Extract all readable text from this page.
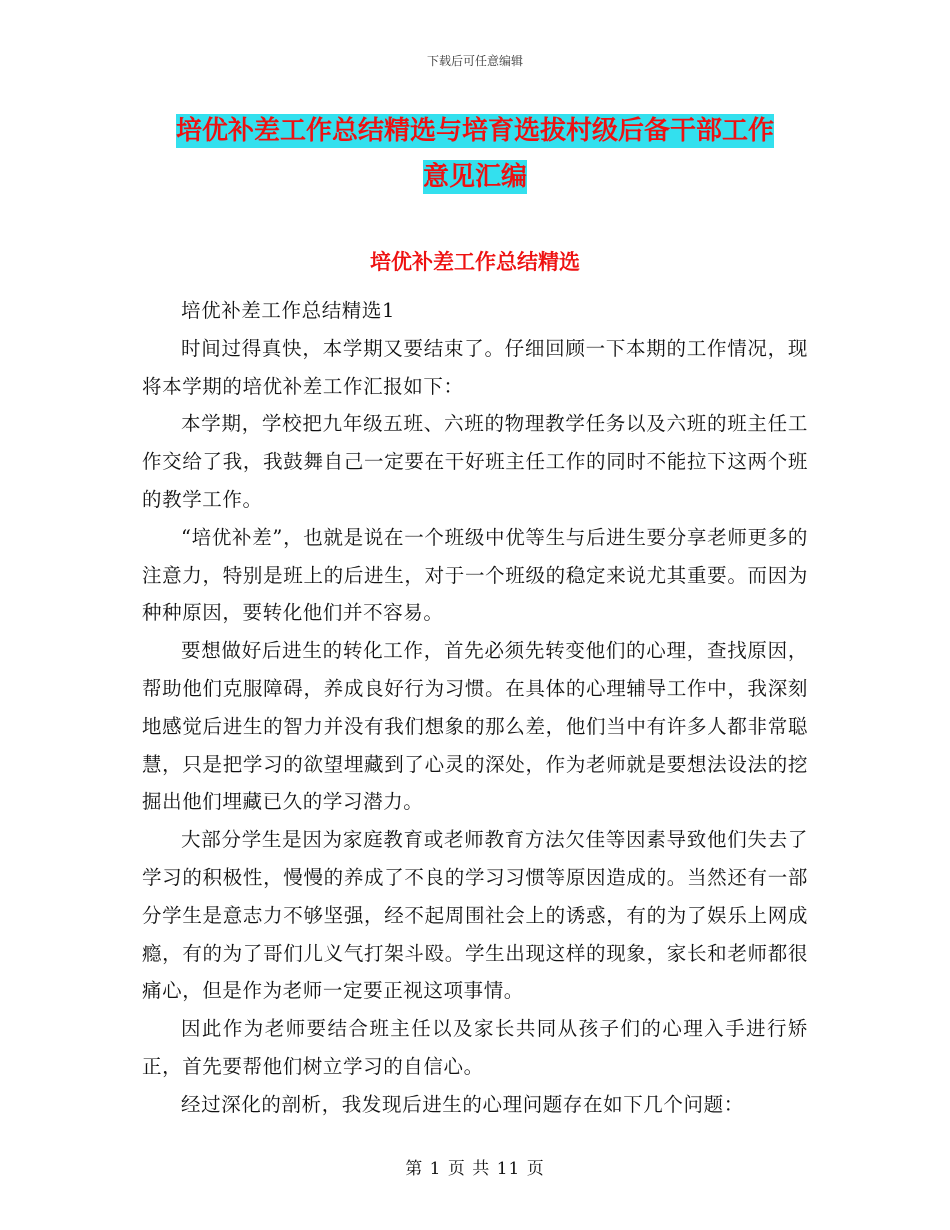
下载后可任意编辑
培优补差工作总结精选与培育选拔村级后备干部工作
意见汇编
培优补差工作总结精选

培优补差工作总结精选1

时间过得真快，本学期又要结束了。仔细回顾一下本期的工作情况，现将本学期的培优补差工作汇报如下：

本学期，学校把九年级五班、六班的物理教学任务以及六班的班主任工作交给了我，我鼓舞自己一定要在干好班主任工作的同时不能拉下这两个班的教学工作。

“培优补差”，也就是说在一个班级中优等生与后进生要分享老师更多的注意力，特别是班上的后进生，对于一个班级的稳定来说尤其重要。而因为种种原因，要转化他们并不容易。

要想做好后进生的转化工作，首先必须先转变他们的心理，查找原因，帮助他们克服障碍，养成良好行为习惯。在具体的心理辅导工作中，我深刻地感觉后进生的智力并没有我们想象的那么差，他们当中有许多人都非常聪慧，只是把学习的欲望埋藏到了心灵的深处，作为老师就是要想法设法的挖掘出他们埋藏已久的学习潜力。

大部分学生是因为家庭教育或老师教育方法欠佳等因素导致他们失去了学习的积极性，慢慢的养成了不良的学习习惯等原因造成的。当然还有一部分学生是意志力不够坚强，经不起周围社会上的诱惑，有的为了娱乐上网成瘾，有的为了哥们儿义气打架斗殴。学生出现这样的现象，家长和老师都很痛心，但是作为老师一定要正视这项事情。

因此作为老师要结合班主任以及家长共同从孩子们的心理入手进行矫正，首先要帮他们树立学习的自信心。

经过深化的剖析，我发现后进生的心理问题存在如下几个问题：

第 1 页 共 11 页
